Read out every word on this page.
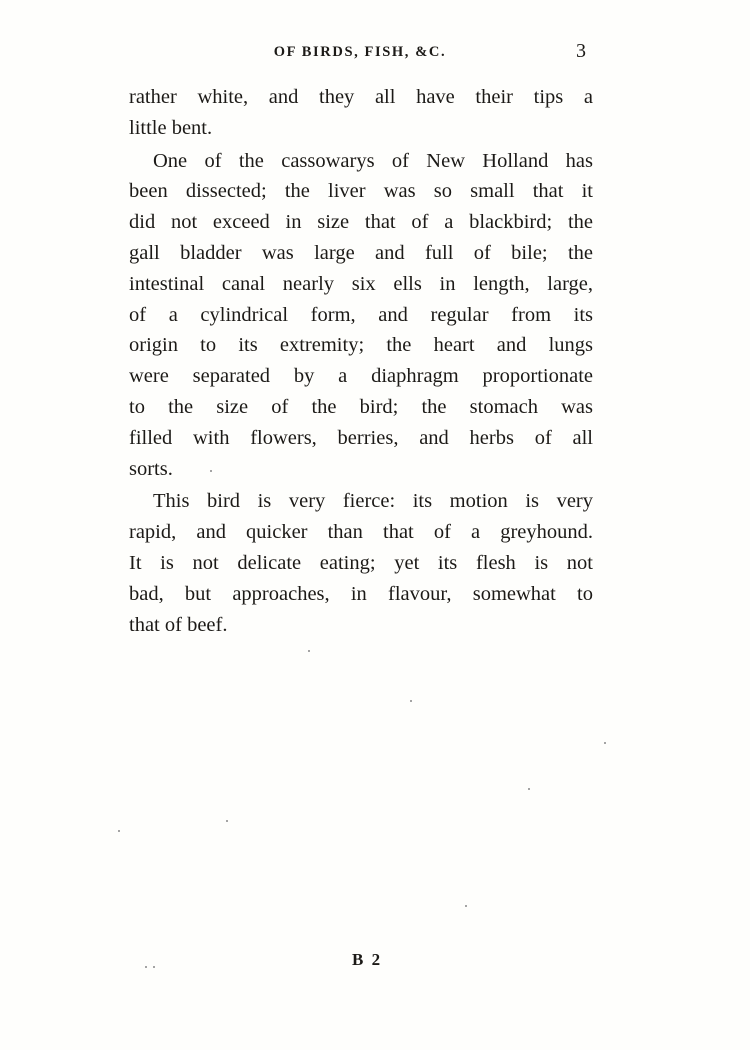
OF BIRDS, FISH, &C.	3
rather white, and they all have their tips a
little bent.
One of the cassowarys of New Holland has
been dissected; the liver was so small that it
did not exceed in size that of a blackbird; the
gall bladder was large and full of bile; the
intestinal canal nearly six ells in length, large,
of a cylindrical form, and regular from its
origin to its extremity; the heart and lungs
were separated by a diaphragm proportionate
to the size of the bird; the stomach was
filled with flowers, berries, and herbs of all
sorts.
This bird is very fierce: its motion is very
rapid, and quicker than that of a greyhound.
It is not delicate eating; yet its flesh is not
bad, but approaches, in flavour, somewhat to
that of beef.
B 2
